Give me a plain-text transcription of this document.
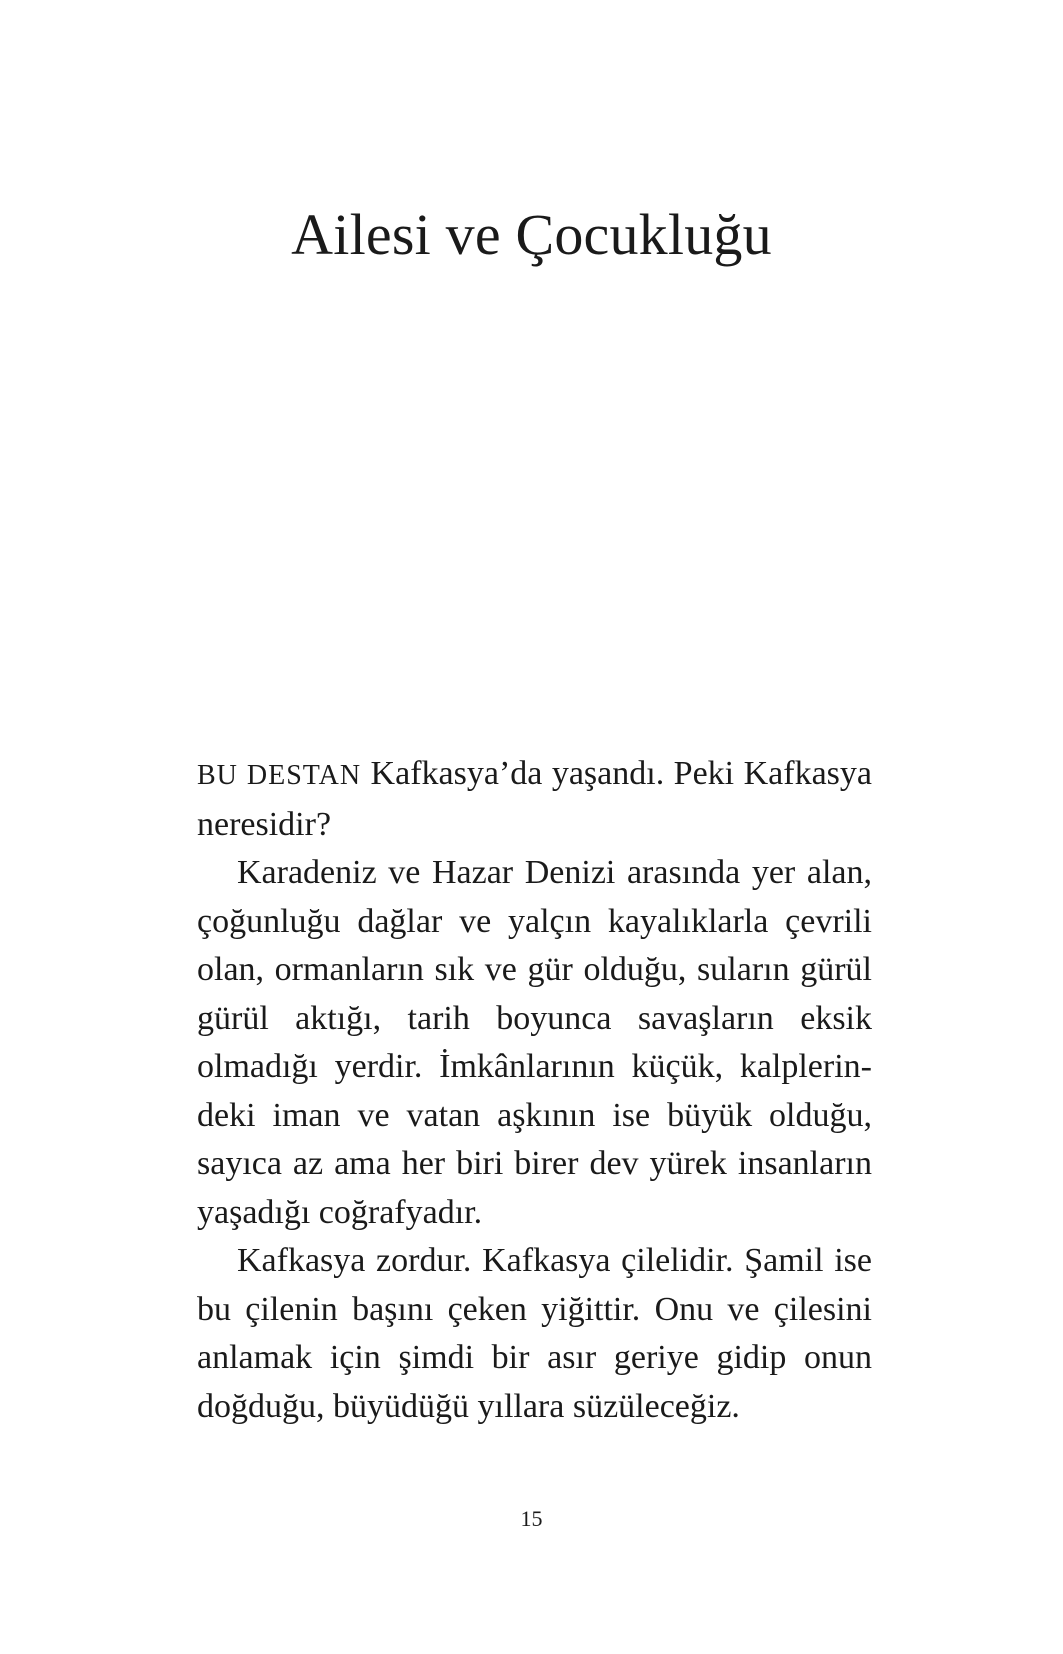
Ailesi ve Çocukluğu

BU DESTAN Kafkasya’da yaşandı. Peki Kafkasya neresidir?

Karadeniz ve Hazar Denizi arasında yer alan, çoğunluğu dağlar ve yalçın kayalıklarla çevrili olan, ormanların sık ve gür olduğu, suların gürül gürül aktığı, tarih boyunca savaşların eksik olmadığı yerdir. İmkânlarının küçük, kalplerindeki iman ve vatan aşkının ise büyük olduğu, sayıca az ama her biri birer dev yürek insanların yaşadığı coğrafyadır.

Kafkasya zordur. Kafkasya çilelidir. Şamil ise bu çilenin başını çeken yiğittir. Onu ve çilesini anlamak için şimdi bir asır geriye gidip onun doğduğu, büyüdüğü yıllara süzüleceğiz.

15
